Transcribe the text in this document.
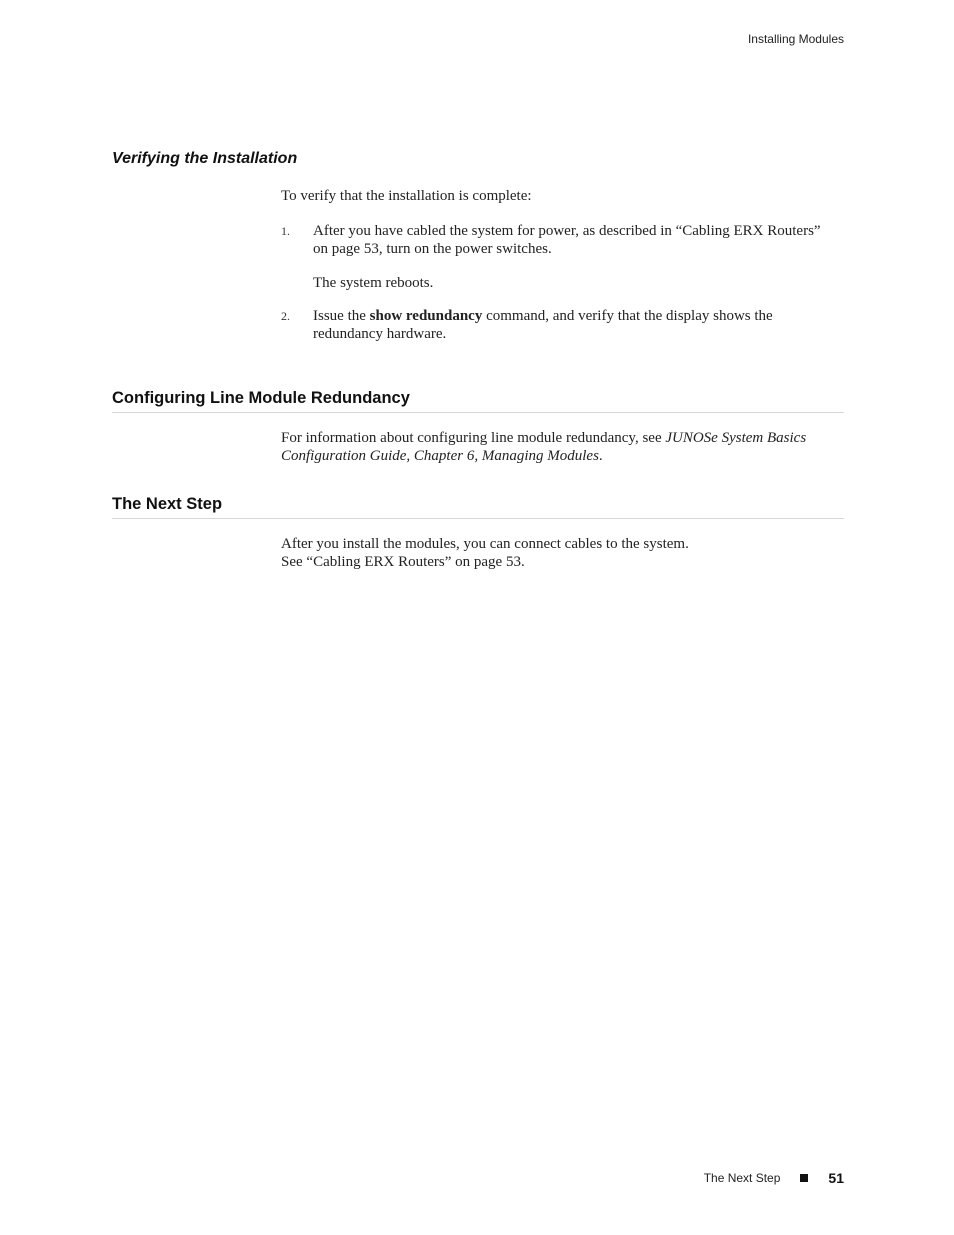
Installing Modules
Verifying the Installation
To verify that the installation is complete:
1. After you have cabled the system for power, as described in “Cabling ERX Routers” on page 53, turn on the power switches.
The system reboots.
2. Issue the show redundancy command, and verify that the display shows the redundancy hardware.
Configuring Line Module Redundancy
For information about configuring line module redundancy, see JUNOSe System Basics Configuration Guide, Chapter 6, Managing Modules.
The Next Step
After you install the modules, you can connect cables to the system.
See “Cabling ERX Routers” on page 53.
The Next Step	51
